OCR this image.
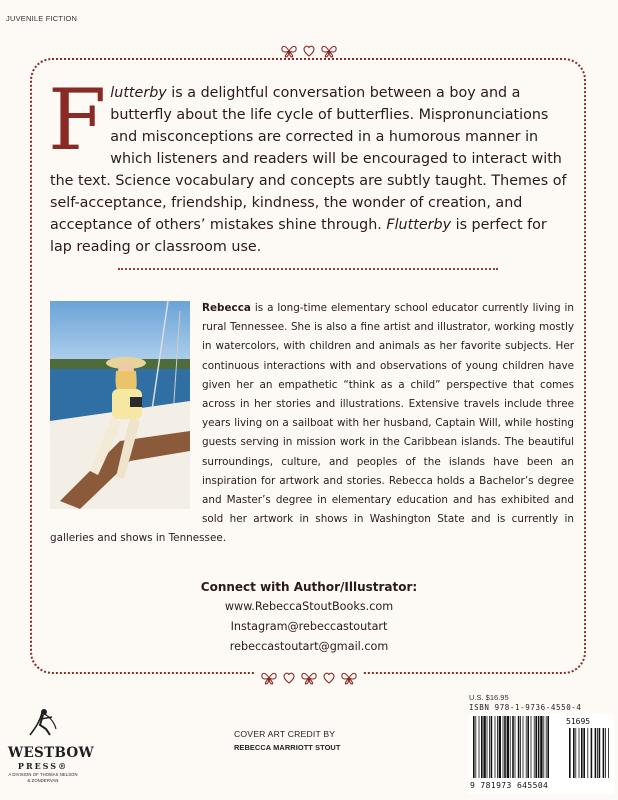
JUVENILE FICTION
Flutterby is a delightful conversation between a boy and a butterfly about the life cycle of butterflies. Mispronunciations and misconceptions are corrected in a humorous manner in which listeners and readers will be encouraged to interact with the text. Science vocabulary and concepts are subtly taught. Themes of self-acceptance, friendship, kindness, the wonder of creation, and acceptance of others’ mistakes shine through. Flutterby is perfect for lap reading or classroom use.
Rebecca is a long-time elementary school educator currently living in rural Tennessee. She is also a fine artist and illustrator, working mostly in watercolors, with children and animals as her favorite subjects. Her continuous interactions with and observations of young children have given her an empathetic “think as a child” perspective that comes across in her stories and illustrations. Extensive travels include three years living on a sailboat with her husband, Captain Will, while hosting guests serving in mission work in the Caribbean islands. The beautiful surroundings, culture, and peoples of the islands have been an inspiration for artwork and stories. Rebecca holds a Bachelor’s degree and Master’s degree in elementary education and has exhibited and sold her artwork in shows in Washington State and is currently in galleries and shows in Tennessee.
Connect with Author/Illustrator:
www.RebeccaStoutBooks.com
Instagram@rebeccastoutart
rebeccastoutart@gmail.com
WESTBOW
PRESS®
A DIVISION OF THOMAS NELSON
& ZONDERVAN
COVER ART CREDIT BY
REBECCA MARRIOTT STOUT
U.S. $16.95
ISBN 978-1-9736-4550-4
51695
9 781973 645504
